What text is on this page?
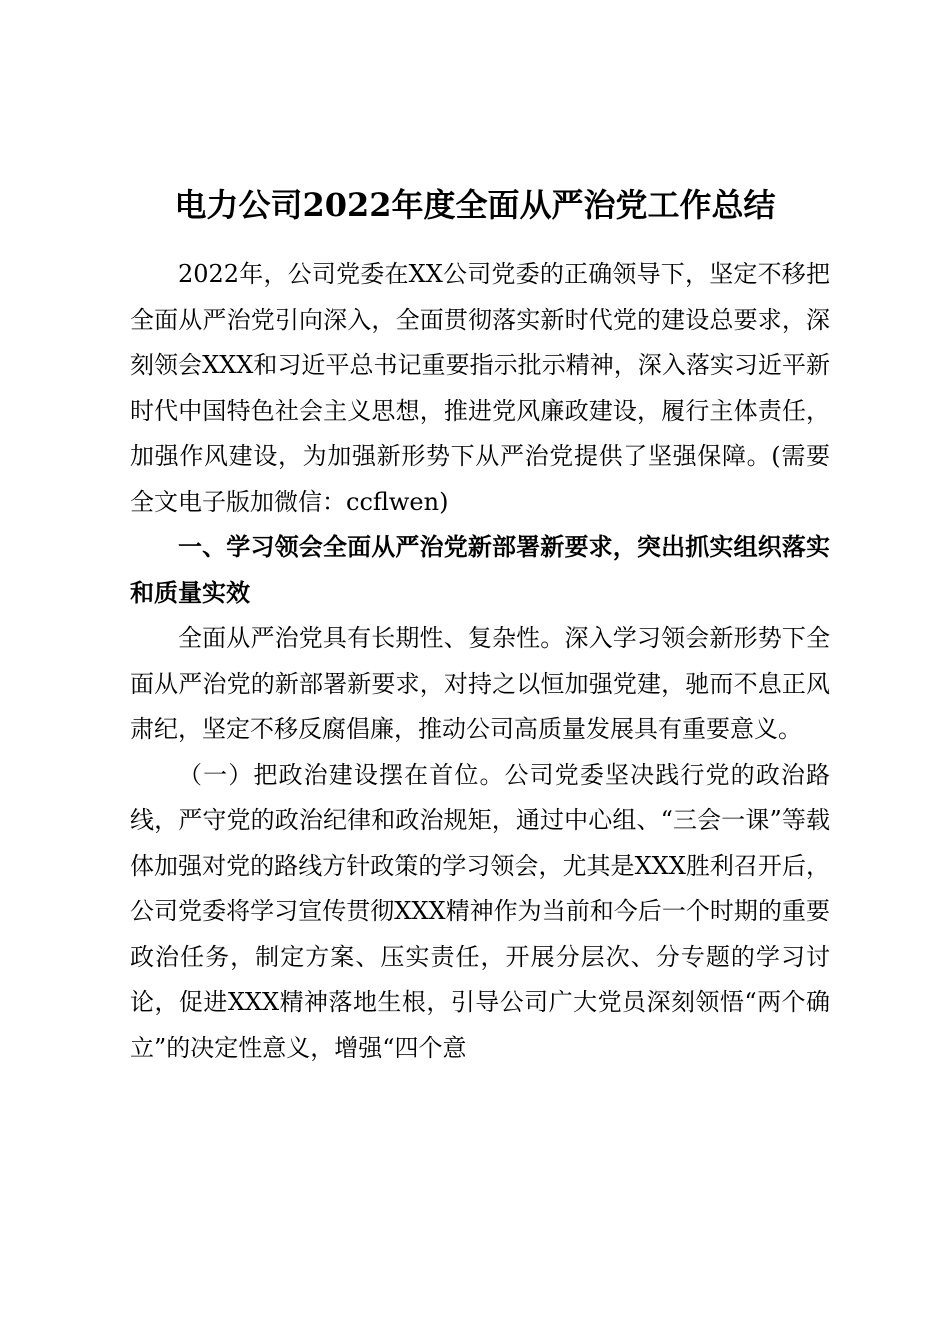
电力公司2022年度全面从严治党工作总结

2022年，公司党委在XX公司党委的正确领导下，坚定不移把全面从严治党引向深入，全面贯彻落实新时代党的建设总要求，深刻领会XXX和习近平总书记重要指示批示精神，深入落实习近平新时代中国特色社会主义思想，推进党风廉政建设，履行主体责任，加强作风建设，为加强新形势下从严治党提供了坚强保障。(需要全文电子版加微信：ccflwen)

一、学习领会全面从严治党新部署新要求，突出抓实组织落实和质量实效

全面从严治党具有长期性、复杂性。深入学习领会新形势下全面从严治党的新部署新要求，对持之以恒加强党建，驰而不息正风肃纪，坚定不移反腐倡廉，推动公司高质量发展具有重要意义。

（一）把政治建设摆在首位。公司党委坚决践行党的政治路线，严守党的政治纪律和政治规矩，通过中心组、“三会一课”等载体加强对党的路线方针政策的学习领会，尤其是XXX胜利召开后，公司党委将学习宣传贯彻XXX精神作为当前和今后一个时期的重要政治任务，制定方案、压实责任，开展分层次、分专题的学习讨论，促进XXX精神落地生根，引导公司广大党员深刻领悟“两个确立”的决定性意义，增强“四个意
